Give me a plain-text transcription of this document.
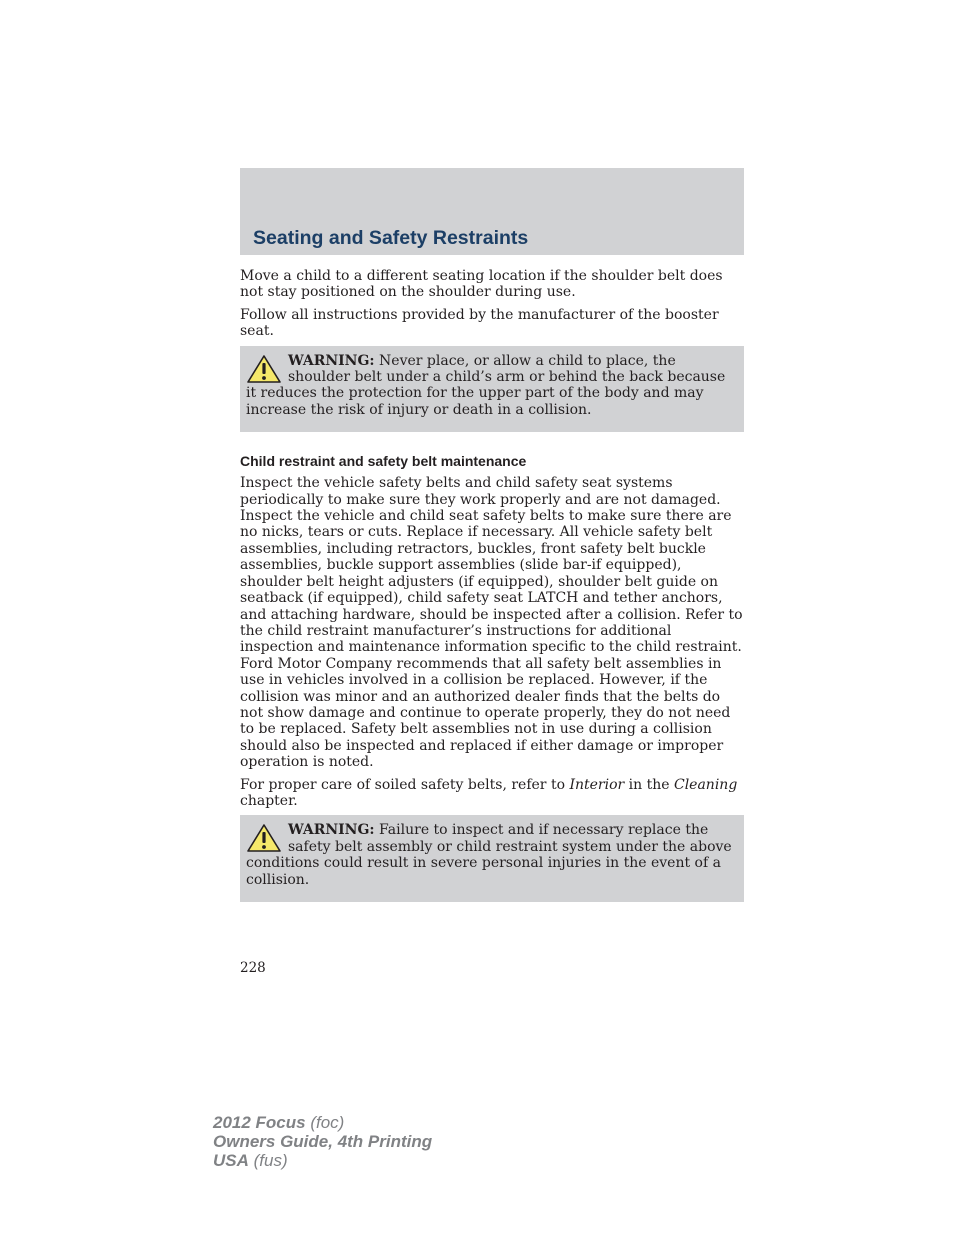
Seating and Safety Restraints

Move a child to a different seating location if the shoulder belt does not stay positioned on the shoulder during use.

Follow all instructions provided by the manufacturer of the booster seat.

WARNING: Never place, or allow a child to place, the shoulder belt under a child’s arm or behind the back because it reduces the protection for the upper part of the body and may increase the risk of injury or death in a collision.

Child restraint and safety belt maintenance

Inspect the vehicle safety belts and child safety seat systems periodically to make sure they work properly and are not damaged. Inspect the vehicle and child seat safety belts to make sure there are no nicks, tears or cuts. Replace if necessary. All vehicle safety belt assemblies, including retractors, buckles, front safety belt buckle assemblies, buckle support assemblies (slide bar-if equipped), shoulder belt height adjusters (if equipped), shoulder belt guide on seatback (if equipped), child safety seat LATCH and tether anchors, and attaching hardware, should be inspected after a collision. Refer to the child restraint manufacturer’s instructions for additional inspection and maintenance information specific to the child restraint. Ford Motor Company recommends that all safety belt assemblies in use in vehicles involved in a collision be replaced. However, if the collision was minor and an authorized dealer finds that the belts do not show damage and continue to operate properly, they do not need to be replaced. Safety belt assemblies not in use during a collision should also be inspected and replaced if either damage or improper operation is noted.

For proper care of soiled safety belts, refer to Interior in the Cleaning chapter.

WARNING: Failure to inspect and if necessary replace the safety belt assembly or child restraint system under the above conditions could result in severe personal injuries in the event of a collision.

228
2012 Focus (foc)
Owners Guide, 4th Printing
USA (fus)
